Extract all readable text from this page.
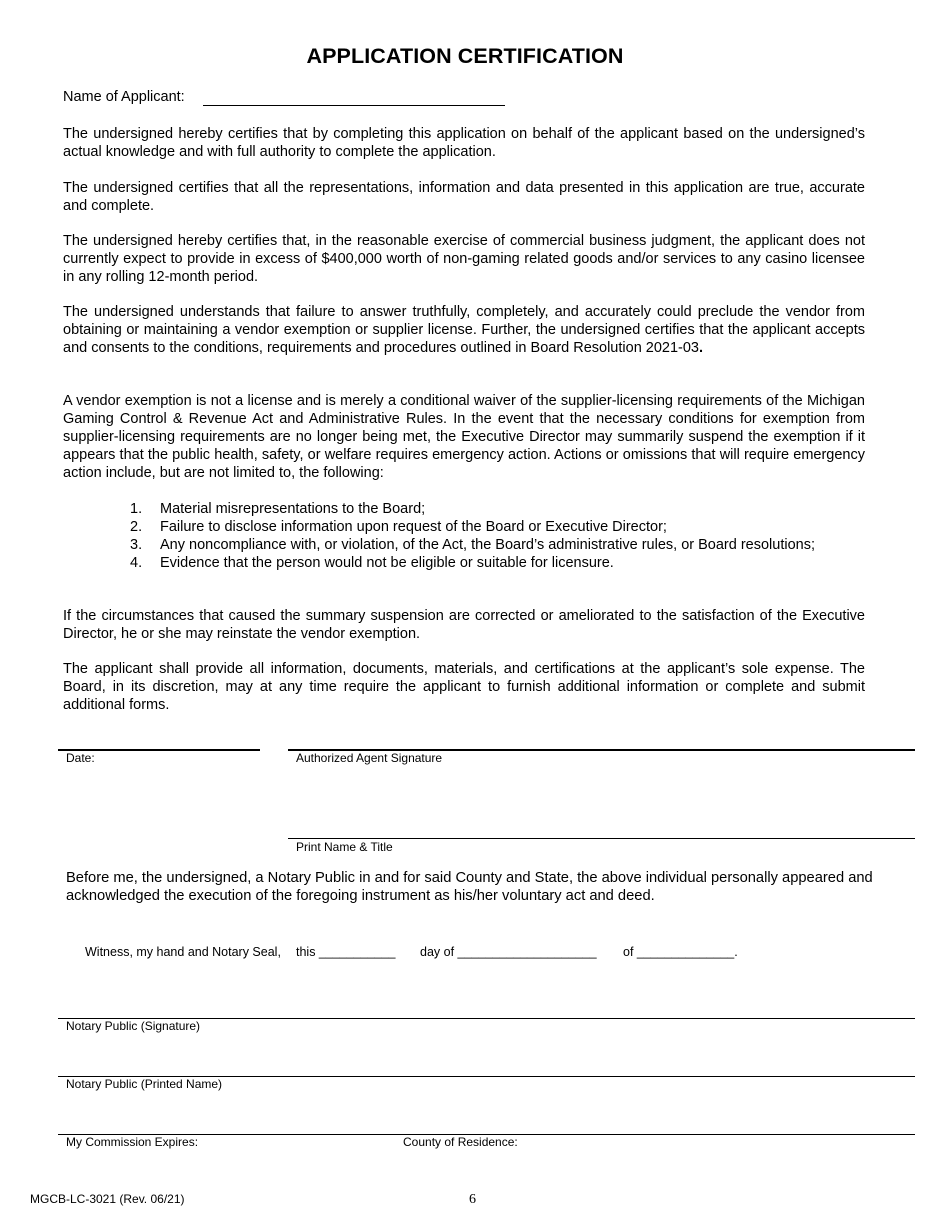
APPLICATION CERTIFICATION
Name of Applicant:
The undersigned hereby certifies that by completing this application on behalf of the applicant based on the undersigned’s actual knowledge and with full authority to complete the application.
The undersigned certifies that all the representations, information and data presented in this application are true, accurate and complete.
The undersigned hereby certifies that, in the reasonable exercise of commercial business judgment, the applicant does not currently expect to provide in excess of $400,000 worth of non-gaming related goods and/or services to any casino licensee in any rolling 12-month period.
The undersigned understands that failure to answer truthfully, completely, and accurately could preclude the vendor from obtaining or maintaining a vendor exemption or supplier license. Further, the undersigned certifies that the applicant accepts and consents to the conditions, requirements and procedures outlined in Board Resolution 2021-03.
A vendor exemption is not a license and is merely a conditional waiver of the supplier-licensing requirements of the Michigan Gaming Control & Revenue Act and Administrative Rules. In the event that the necessary conditions for exemption from supplier-licensing requirements are no longer being met, the Executive Director may summarily suspend the exemption if it appears that the public health, safety, or welfare requires emergency action. Actions or omissions that will require emergency action include, but are not limited to, the following:
1.	Material misrepresentations to the Board;
2.	Failure to disclose information upon request of the Board or Executive Director;
3.	Any noncompliance with, or violation, of the Act, the Board’s administrative rules, or Board resolutions;
4.	Evidence that the person would not be eligible or suitable for licensure.
If the circumstances that caused the summary suspension are corrected or ameliorated to the satisfaction of the Executive Director, he or she may reinstate the vendor exemption.
The applicant shall provide all information, documents, materials, and certifications at the applicant’s sole expense. The Board, in its discretion, may at any time require the applicant to furnish additional information or complete and submit additional forms.
Date:	Authorized Agent Signature
Print Name & Title
Before me, the undersigned, a Notary Public in and for said County and State, the above individual personally appeared and acknowledged the execution of the foregoing instrument as his/her voluntary act and deed.
Witness, my hand and Notary Seal, this ___________ day of ____________________ of ______________.
Notary Public (Signature)
Notary Public (Printed Name)
My Commission Expires:	County of Residence:
MGCB-LC-3021 (Rev. 06/21)	6
